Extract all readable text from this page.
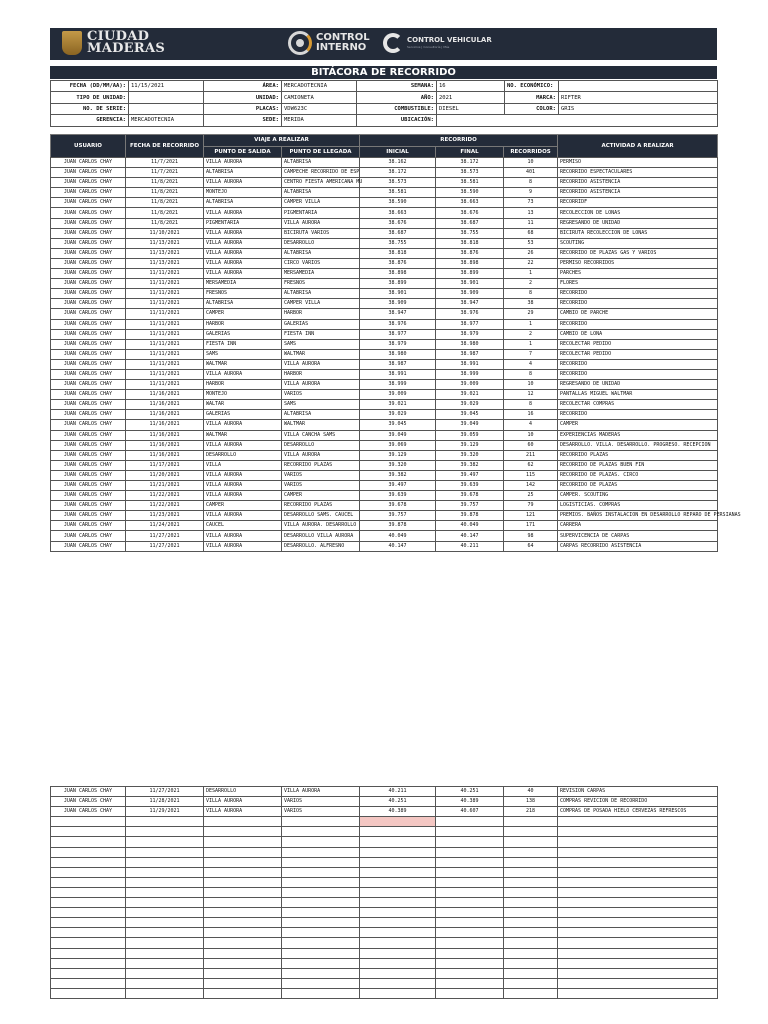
CIUDAD
MADERAS
CONTROL
INTERNO
CONTROL VEHICULAR
Servicios | Consultoría | Más
BITÁCORA DE RECORRIDO
FECHA (DD/MM/AA):	11/15/2021	ÁREA:	MERCADOTECNIA	SEMANA:	16	NO. ECONÓMICO:	
TIPO DE UNIDAD:		UNIDAD:	CAMIONETA	AÑO:	2021	MARCA:	RIFTER
NO. DE SERIE:		PLACAS:	VDW623C	COMBUSTIBLE:	DIESEL	COLOR:	GRIS
GERENCIA:	MERCADOTECNIA	SEDE:	MERIDA	UBICACIÓN:			
USUARIO	FECHA DE RECORRIDO	VIAJE A REALIZAR		RECORRIDO			ACTIVIDAD A REALIZAR
		PUNTO DE SALIDA	PUNTO DE LLEGADA	INICIAL	FINAL	RECORRIDOS	
JUAN CARLOS CHAY	11/7/2021	VILLA AURORA	ALTABRISA	38.162	38.172	10	PERMISO
JUAN CARLOS CHAY	11/7/2021	ALTABRISA	CAMPECHE RECORRIDO DE ESP	38.172	38.573	401	RECORRIDO ESPECTACULARES
JUAN CARLOS CHAY	11/8/2021	VILLA AURORA	CENTRO FIESTA AMERICANA MU	38.573	38.581	8	RECORRIDO ASISTENCIA
JUAN CARLOS CHAY	11/8/2021	MONTEJO	ALTABRISA	38.581	38.590	9	RECORRIDO ASISTENCIA
JUAN CARLOS CHAY	11/8/2021	ALTABRISA	CAMPER VILLA	38.590	38.663	73	RECORRIDF
JUAN CARLOS CHAY	11/8/2021	VILLA AURORA	PIGMENTARIA	38.663	38.676	13	RECOLECCION DE LONAS
JUAN CARLOS CHAY	11/8/2021	PIGMENTARIA	VILLA AURORA	38.676	38.687	11	REGRESANDO DE UNIDAD
JUAN CARLOS CHAY	11/10/2021	VILLA AURORA	BICIRUTA VARIOS	38.687	38.755	68	BICIRUTA RECOLECCION DE LONAS
JUAN CARLOS CHAY	11/13/2021	VILLA AURORA	DESARROLLO	38.755	38.818	53	SCOUTING
JUAN CARLOS CHAY	11/13/2021	VILLA AURORA	ALTABRISA	38.818	38.876	26	RECORRIDO DE PLAZAS GAS Y VARIOS
JUAN CARLOS CHAY	11/13/2021	VILLA AURORA	CIRCO VARIOS	38.876	38.898	22	PERMISO RECORRIDOS
JUAN CARLOS CHAY	11/11/2021	VILLA AURORA	MERSAMEDIA	38.898	38.899	1	PARCHES
JUAN CARLOS CHAY	11/11/2021	MERSAMEDIA	FRESNOS	38.899	38.901	2	FLORES
JUAN CARLOS CHAY	11/11/2021	FRESNOS	ALTABRISA	38.901	38.909	8	RECORRIDO
JUAN CARLOS CHAY	11/11/2021	ALTABRISA	CAMPER VILLA	38.909	38.947	38	RECORRIDO
JUAN CARLOS CHAY	11/11/2021	CAMPER	HARBOR	38.947	38.976	29	CAMBIO DE PARCHE
JUAN CARLOS CHAY	11/11/2021	HARBOR	GALERIAS	38.976	38.977	1	RECORRIDO
JUAN CARLOS CHAY	11/11/2021	GALERIAS	FIESTA INN	38.977	38.979	2	CAMBIO DE LONA
JUAN CARLOS CHAY	11/11/2021	FIESTA INN	SAMS	38.979	38.980	1	RECOLECTAR PEDIDO
JUAN CARLOS CHAY	11/11/2021	SAMS	WALTMAR	38.980	38.987	7	RECOLECTAR PEDIDO
JUAN CARLOS CHAY	11/11/2021	WALTMAR	VILLA AURORA	38.987	38.991	4	RECORRIDO
JUAN CARLOS CHAY	11/11/2021	VILLA AURORA	HARBOR	38.991	38.999	8	RECORRIDO
JUAN CARLOS CHAY	11/11/2021	HARBOR	VILLA AURORA	38.999	39.009	10	REGRESANDO DE UNIDAD
JUAN CARLOS CHAY	11/16/2021	MONTEJO	VARIOS	39.009	39.021	12	PANTALLAS MIGUEL WALTMAR
JUAN CARLOS CHAY	11/16/2021	WALTAR	SAMS	39.021	39.029	8	RECOLECTAR COMPRAS
JUAN CARLOS CHAY	11/16/2021	GALERIAS	ALTABRISA	39.029	39.045	16	RECORRIDO
JUAN CARLOS CHAY	11/16/2021	VILLA AURORA	WALTMAR	39.045	39.049	4	CAMPER
JUAN CARLOS CHAY	11/16/2021	WALTMAR	VILLA CANCHA SAMS	39.049	39.059	10	EXPERIENCIAS MADERAS
JUAN CARLOS CHAY	11/16/2021	VILLA AURORA	DESARROLLO	39.069	39.129	60	DESARROLLO. VILLA. DESARROLLO. PROGRESO. RECEPCION
JUAN CARLOS CHAY	11/16/2021	DESARROLLO	VILLA AURORA	39.129	39.320	211	RECORRIDO PLAZAS
JUAN CARLOS CHAY	11/17/2021	VILLA	RECORRIDO PLAZAS	39.320	39.382	62	RECORRIDO DE PLAZAS BUEN FIN
JUAN CARLOS CHAY	11/20/2021	VILLA AURORA	VARIOS	39.382	39.497	115	RECORRIDO DE PLAZAS. CIRCO
JUAN CARLOS CHAY	11/21/2021	VILLA AURORA	VARIOS	39.497	39.639	142	RECORRIDO DE PLAZAS
JUAN CARLOS CHAY	11/22/2021	VILLA AURORA	CAMPER	39.639	39.678	25	CAMPER. SCOUTING
JUAN CARLOS CHAY	11/22/2021	CAMPER	RECORRIDO PLAZAS	39.678	39.757	79	LOGISTICIAS. COMPRAS
JUAN CARLOS CHAY	11/23/2021	VILLA AURORA	DESARROLLO SAMS. CAUCEL	39.757	39.878	121	PREMIOS. BAÑOS INSTALACION EN DESARROLLO REPARO DE PERSIANAS
JUAN CARLOS CHAY	11/24/2021	CAUCEL	VILLA AURORA. DESARROLLO	39.878	40.049	171	CARRERA
JUAN CARLOS CHAY	11/27/2021	VILLA AURORA	DESARROLLO VILLA AURORA	40.049	40.147	98	SUPERVICENCIA DE CARPAS
JUAN CARLOS CHAY	11/27/2021	VILLA AURORA	DESARROLLO. ALFRESNO	40.147	40.211	64	CARPAS RECORRIDO ASISTENCIA
JUAN CARLOS CHAY	11/27/2021	DESARROLLO	VILLA AURORA	40.211	40.251	40	REVISION CARPAS
JUAN CARLOS CHAY	11/28/2021	VILLA AURORA	VARIOS	40.251	40.389	138	COMPRAS REVICION DE RECORRIDO
JUAN CARLOS CHAY	11/29/2021	VILLA AURORA	VARIOS	40.389	40.607	218	COMPRAS DE POSADA HIELO CERVEZAS REFRESCOS
